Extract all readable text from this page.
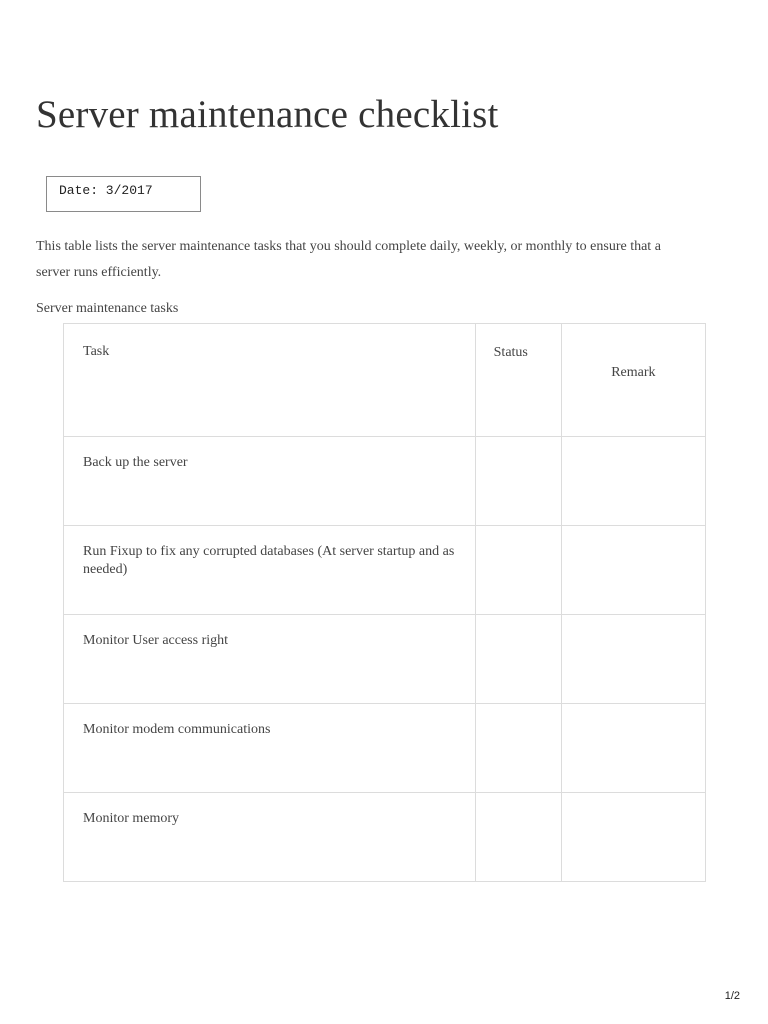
Server maintenance checklist
Date: 3/2017

This table lists the server maintenance tasks that you should complete daily, weekly, or monthly to ensure that a server runs efficiently.

Server maintenance tasks
Task	Status	Remark
Back up the server		
Run Fixup to fix any corrupted databases (At server startup and as needed)		
Monitor User access right		
Monitor modem communications		
Monitor memory		
1/2
